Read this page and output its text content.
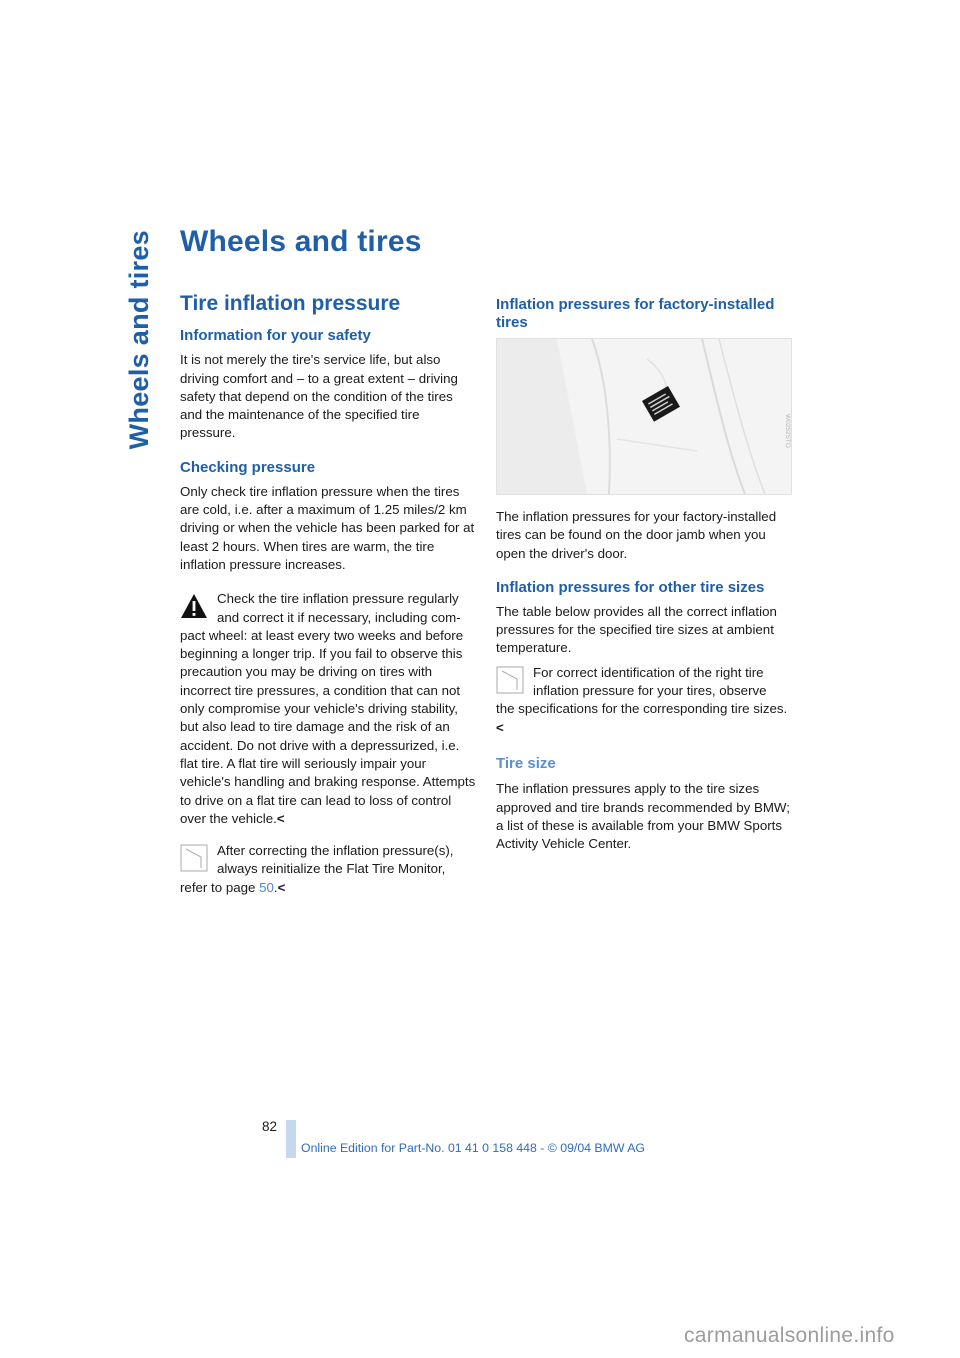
Wheels and tires Wheels and tires
Tire inflation pressure
Information for your safety

It is not merely the tire's service life, but also driving comfort and – to a great extent – driving safety that depend on the condition of the tires and the maintenance of the specified tire pressure.

Checking pressure

Only check tire inflation pressure when the tires are cold, i.e. after a maximum of 1.25 miles/2 km driving or when the vehicle has been parked for at least 2 hours. When tires are warm, the tire inflation pressure increases.

Check the tire inflation pressure regularly and correct it if necessary, including com-
pact wheel: at least every two weeks and before beginning a longer trip. If you fail to observe this precaution you may be driving on tires with incorrect tire pressures, a condition that can not only compromise your vehicle's driving stability, but also lead to tire damage and the risk of an accident. Do not drive with a depressurized, i.e. flat tire. A flat tire will seriously impair your vehicle's handling and braking response. Attempts to drive on a flat tire can lead to loss of control over the vehicle.<
After correcting the inflation pressure(s), always reinitialize the Flat Tire Monitor,
refer to page 50.<
Inflation pressures for factory-installed tires
W0252STO

The inflation pressures for your factory-installed tires can be found on the door jamb when you open the driver's door.

Inflation pressures for other tire sizes

The table below provides all the correct inflation pressures for the specified tire sizes at ambient temperature.

For correct identification of the right tire inflation pressure for your tires, observe
the specifications for the corresponding tire sizes.<
Tire size

The inflation pressures apply to the tire sizes approved and tire brands recommended by BMW; a list of these is available from your BMW Sports Activity Vehicle Center.

82
Online Edition for Part-No. 01 41 0 158 448 - © 09/04 BMW AG
carmanualsonline.info
